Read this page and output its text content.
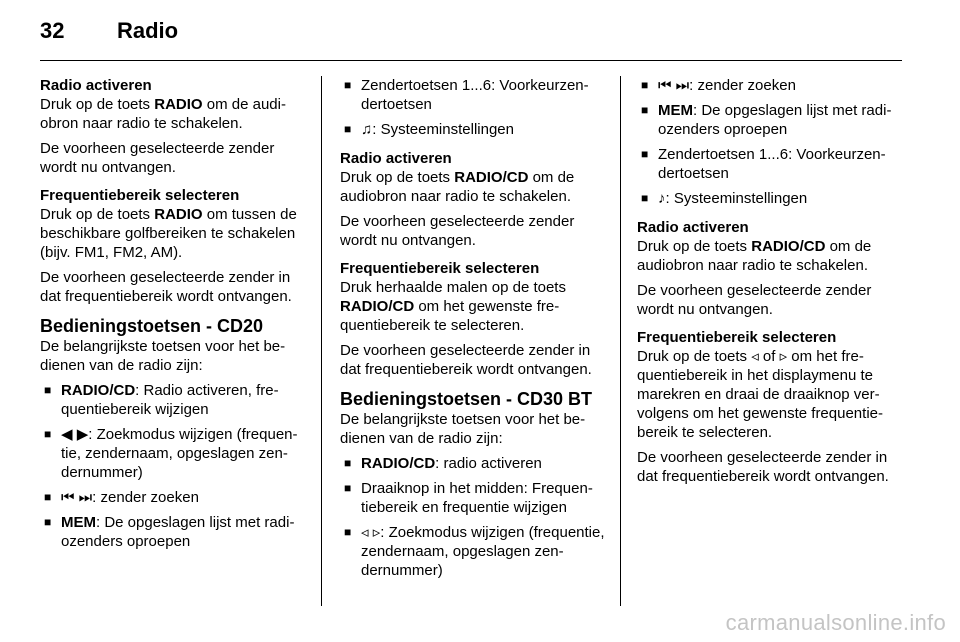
32 Radio
Radio activeren

Druk op de toets RADIO om de audiobron naar radio te schakelen.

De voorheen geselecteerde zender wordt nu ontvangen.

Frequentiebereik selecteren

Druk op de toets RADIO om tussen de beschikbare golfbereiken te schakelen (bijv. FM1, FM2, AM).

De voorheen geselecteerde zender in dat frequentiebereik wordt ontvangen.

Bedieningstoetsen - CD20

De belangrijkste toetsen voor het bedienen van de radio zijn:

■ RADIO/CD: Radio activeren, frequentiebereik wijzigen
■ ◀ ▶: Zoekmodus wijzigen (frequentie, zendernaam, opgeslagen zendernummer)
■ ⏮ ⏭: zender zoeken
■ MEM: De opgeslagen lijst met radiozenders oproepen
■ Zendertoetsen 1...6: Voorkeurzendertoetsen
■ ♫: Systeeminstellingen
Radio activeren

Druk op de toets RADIO/CD om de audiobron naar radio te schakelen.

De voorheen geselecteerde zender wordt nu ontvangen.

Frequentiebereik selecteren

Druk herhaalde malen op de toets RADIO/CD om het gewenste frequentiebereik te selecteren.

De voorheen geselecteerde zender in dat frequentiebereik wordt ontvangen.

Bedieningstoetsen - CD30 BT

De belangrijkste toetsen voor het bedienen van de radio zijn:

■ RADIO/CD: radio activeren
■ Draaiknop in het midden: Frequentiebereik en frequentie wijzigen
■ ◃ ▹: Zoekmodus wijzigen (frequentie, zendernaam, opgeslagen zendernummer)
■ ⏮ ⏭: zender zoeken
■ MEM: De opgeslagen lijst met radiozenders oproepen
■ Zendertoetsen 1...6: Voorkeurzendertoetsen
■ ♪: Systeeminstellingen
Radio activeren

Druk op de toets RADIO/CD om de audiobron naar radio te schakelen.

De voorheen geselecteerde zender wordt nu ontvangen.

Frequentiebereik selecteren

Druk op de toets ◃ of ▹ om het frequentiebereik in het displaymenu te marekren en draai de draaiknop vervolgens om het gewenste frequentiebereik te selecteren.

De voorheen geselecteerde zender in dat frequentiebereik wordt ontvangen.

carmanualsonline.info
